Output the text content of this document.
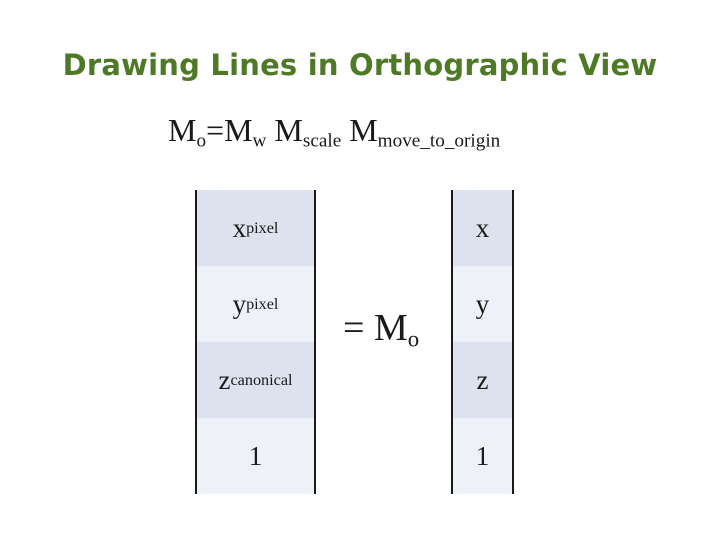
Drawing Lines in Orthographic View
$M_o=M_w$ $M_{scale}$ $M_{move\_to\_origin}$
x pixel
y pixel
z canonical
1
= $M_o$
x
y
z
1
